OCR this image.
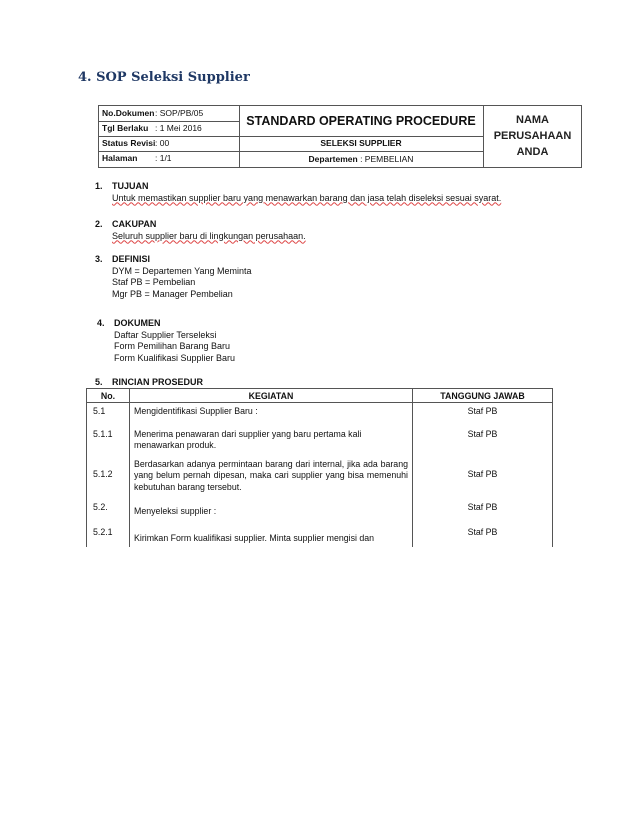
4. SOP Seleksi Supplier
No.Dokumen : SOP/PB/05
Tgl Berlaku : 1 Mei 2016
Status Revisi : 00
Halaman : 1/1
STANDARD OPERATING PROCEDURE
SELEKSI SUPPLIER
Departemen : PEMBELIAN
NAMA
PERUSAHAAN
ANDA
1. TUJUAN
Untuk memastikan supplier baru yang menawarkan barang dan jasa telah diseleksi sesuai syarat.
2. CAKUPAN
Seluruh supplier baru di lingkungan perusahaan.
3. DEFINISI
DYM = Departemen Yang Meminta
Staf PB = Pembelian
Mgr PB = Manager Pembelian
4. DOKUMEN
Daftar Supplier Terseleksi
Form Pemilihan Barang Baru
Form Kualifikasi Supplier Baru
5. RINCIAN PROSEDUR
No.	KEGIATAN	TANGGUNG JAWAB
5.1	Mengidentifikasi Supplier Baru :	Staf PB
5.1.1	Menerima penawaran dari supplier yang baru pertama kali menawarkan produk.	Staf PB
5.1.2	Berdasarkan adanya permintaan barang dari internal, jika ada barang yang belum pernah dipesan, maka cari supplier yang bisa memenuhi kebutuhan barang tersebut.	Staf PB
5.2.	Menyeleksi supplier :	Staf PB
5.2.1	Kirimkan Form kualifikasi supplier. Minta supplier mengisi dan	Staf PB
